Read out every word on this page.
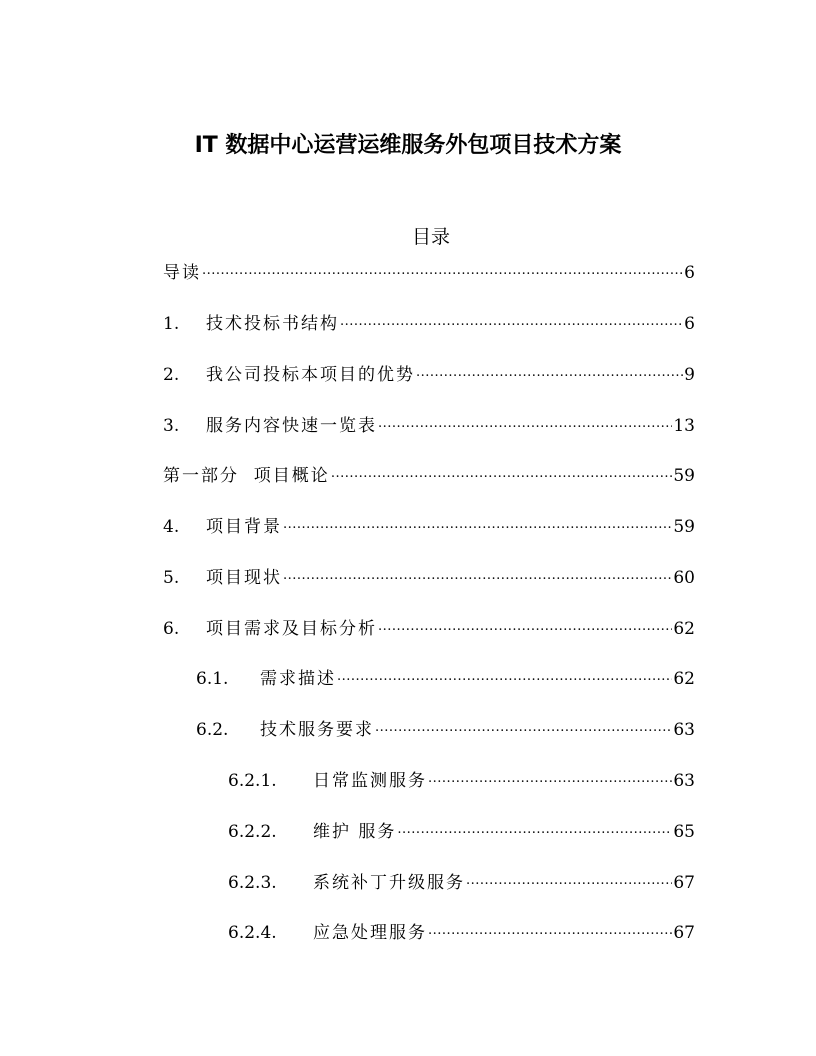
IT 数据中心运营运维服务外包项目技术方案
目录
导读 .....	6
1.	技术投标书结构 .....	6
2.	我公司投标本项目的优势 .....	9
3.	服务内容快速一览表 .....	13
第一部分  项目概论 .....	59
4.	项目背景 .....	59
5.	项目现状 .....	60
6.	项目需求及目标分析 .....	62
6.1.	需求描述 .....	62
6.2.	技术服务要求 .....	63
6.2.1.	日常监测服务 .....	63
6.2.2.	维护 服务 .....	65
6.2.3.	系统补丁升级服务 .....	67
6.2.4.	应急处理服务 .....	67
